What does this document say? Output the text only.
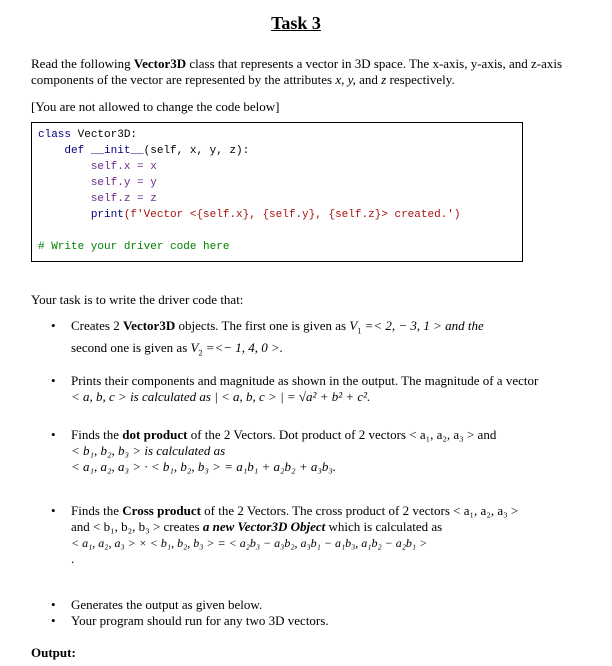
Task 3
Read the following Vector3D class that represents a vector in 3D space. The x-axis, y-axis, and z-axis components of the vector are represented by the attributes x, y, and z respectively.
[You are not allowed to change the code below]
class Vector3D:
def __init__(self, x, y, z):
self.x = x
self.y = y
self.z = z
print(f'Vector <{self.x}, {self.y}, {self.z}> created.')

# Write your driver code here
Your task is to write the driver code that:
• Creates 2 Vector3D objects. The first one is given as $V_1 =< 2$, − 3, 1 > and the
second one is given as $V_2$ =<− 1, 4, 0 >.
• Prints their components and magnitude as shown in the output. The magnitude of a vector
< a, b, c > is calculated as | < a, b, c > | = √a² + b² + c².
• Finds the dot product of the 2 Vectors. Dot product of 2 vectors < a₁, a₂, a₃ > and
< b₁, b₂, b₃ > is calculated as
< a₁, a₂, a₃ > · < b₁, b₂, b₃ > = a₁b₁ + a₂b₂ + a₃b₃.
• Finds the Cross product of the 2 Vectors. The cross product of 2 vectors < a₁, a₂, a₃ >
and < b₁, b₂, b₃ > creates a new Vector3D Object which is calculated as
< a₁, a₂, a₃ > × < b₁, b₂, b₃ > = < a₂b₃ − a₃b₂, a₃b₁ − a₁b₃, a₁b₂ − a₂b₁ >
.
• Generates the output as given below.
• Your program should run for any two 3D vectors.
Output:
